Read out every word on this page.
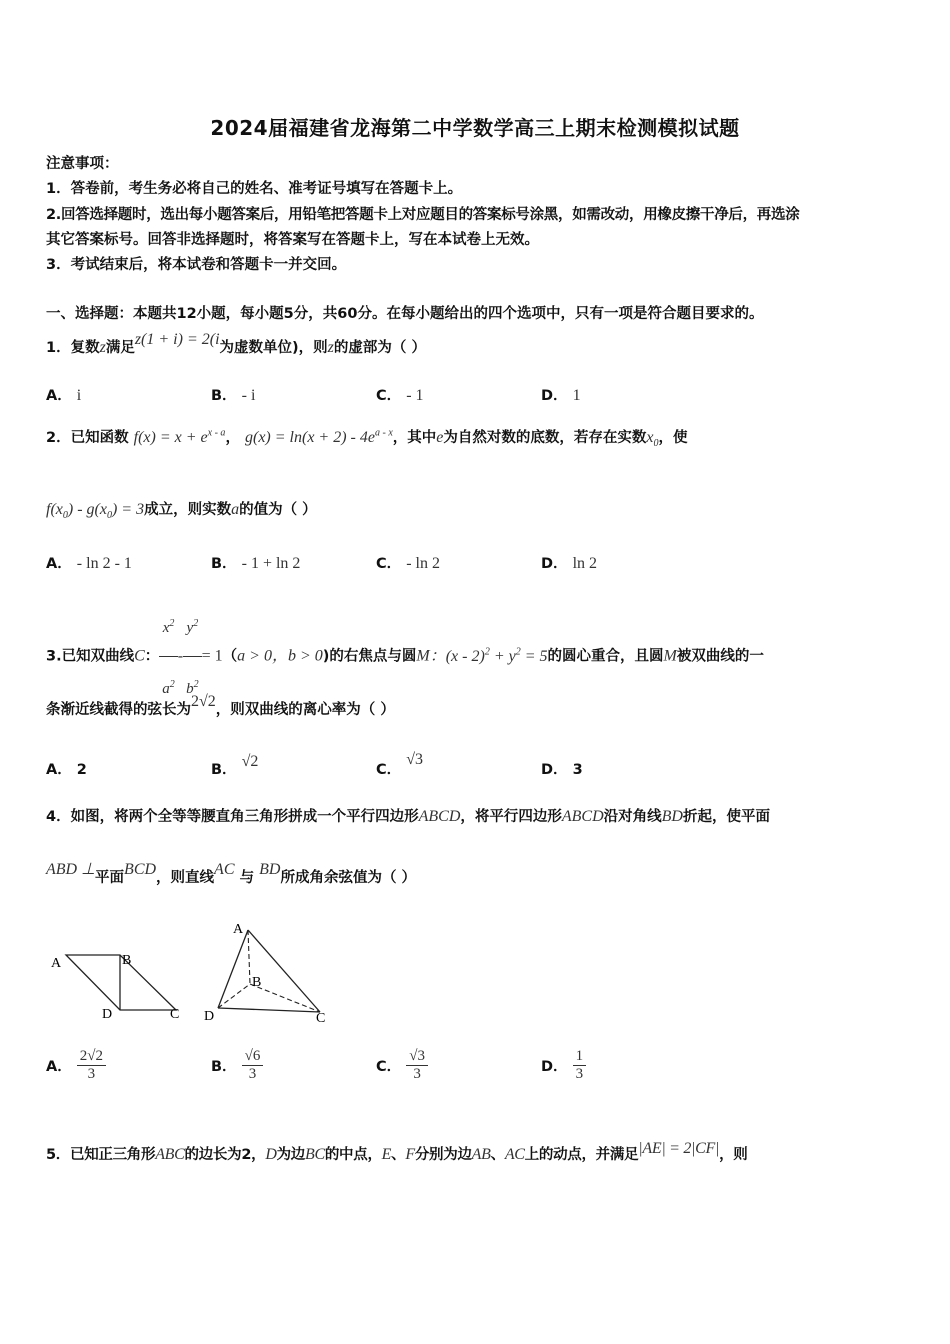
2024届福建省龙海第二中学数学高三上期末检测模拟试题
注意事项：
1．答卷前，考生务必将自己的姓名、准考证号填写在答题卡上。
2.回答选择题时，选出每小题答案后，用铅笔把答题卡上对应题目的答案标号涂黑，如需改动，用橡皮擦干净后，再选涂
其它答案标号。回答非选择题时，将答案写在答题卡上，写在本试卷上无效。
3．考试结束后，将本试卷和答题卡一并交回。
一、选择题：本题共12小题，每小题5分，共60分。在每小题给出的四个选项中，只有一项是符合题目要求的。
1．复数z满足z(1 + i) = 2(i为虚数单位)，则z的虚部为（ ）
A． i	B． - i	C． - 1	D． 1
2．已知函数 $f(x) = x + e^{x - a}$， $g(x) = \ln(x + 2) - 4e^{a - x}$，其中e为自然对数的底数，若存在实数$x_0$，使
$f(x_0) - g(x_0) = 3$成立，则实数a的值为（ ）
A． - ln 2 - 1	B． - 1 + ln 2	C． - ln 2	D． ln 2
3.已知双曲线C： $\frac{x^2}{a^2} - \frac{y^2}{b^2} = 1(a > 0$，b > 0)的右焦点与圆M：$(x - 2)^2 + y^2 = 5$的圆心重合，且圆M被双曲线的一
条渐近线截得的弦长为2√2，则双曲线的离心率为（ ）
A． 2	B． √2	C． √3
D． 3
4．如图，将两个全等等腰直角三角形拼成一个平行四边形ABCD，将平行四边形ABCD沿对角线BD折起，使平面
ABD ⊥平面BCD，则直线AC 与 BD所成角余弦值为（ ）
A	B
D	C
A
B
D	C
A． $\frac{2√2}{3}$	B． $\frac{√6}{3}$	C． $\frac{√3}{3}$	D． $\frac{1}{3}$
5．已知正三角形ABC的边长为2，D为边BC的中点，E、F分别为边AB、AC上的动点，并满足|AE| = 2|CF|，则
